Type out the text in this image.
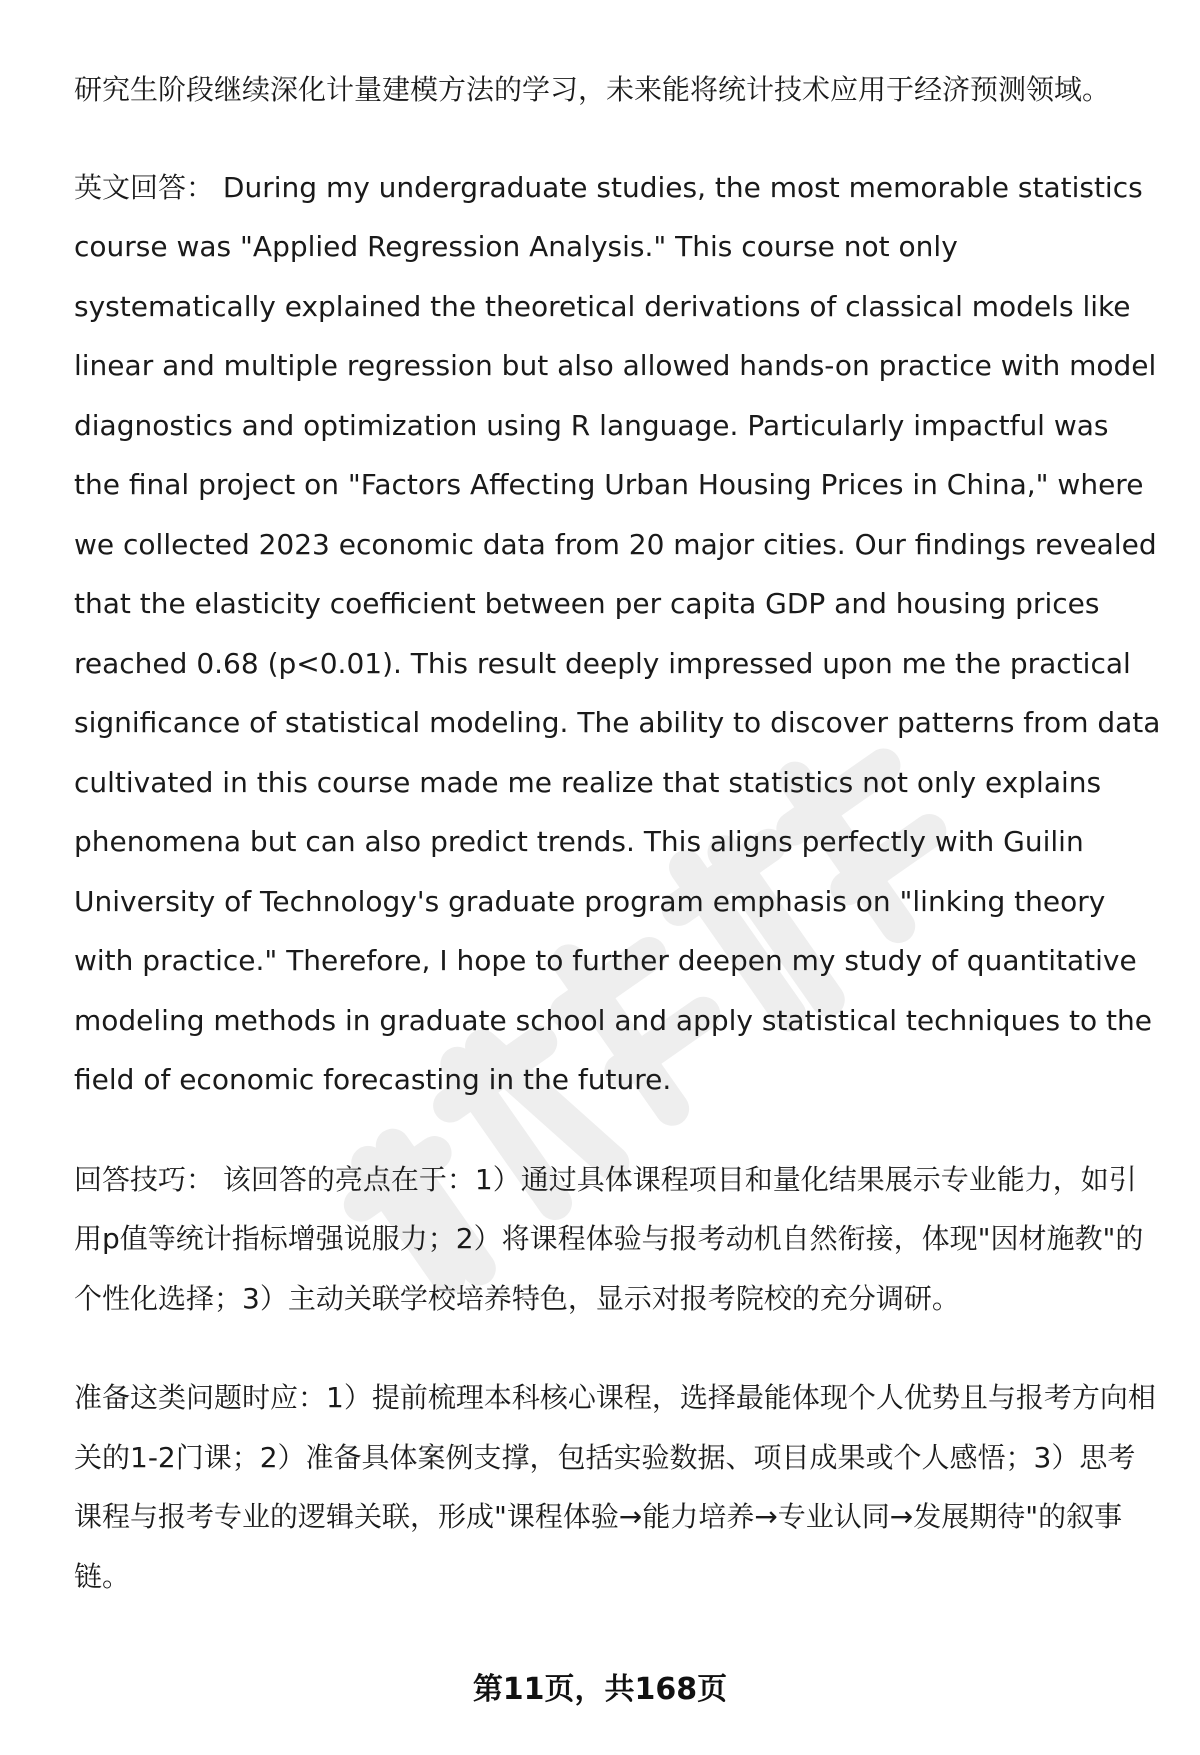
研究生阶段继续深化计量建模方法的学习，未来能将统计技术应用于经济预测领域。

英文回答： During my undergraduate studies, the most memorable statistics course was "Applied Regression Analysis." This course not only systematically explained the theoretical derivations of classical models like linear and multiple regression but also allowed hands-on practice with model diagnostics and optimization using R language. Particularly impactful was the final project on "Factors Affecting Urban Housing Prices in China," where we collected 2023 economic data from 20 major cities. Our findings revealed that the elasticity coefficient between per capita GDP and housing prices reached 0.68 (p<0.01). This result deeply impressed upon me the practical significance of statistical modeling. The ability to discover patterns from data cultivated in this course made me realize that statistics not only explains phenomena but can also predict trends. This aligns perfectly with Guilin University of Technology's graduate program emphasis on "linking theory with practice." Therefore, I hope to further deepen my study of quantitative modeling methods in graduate school and apply statistical techniques to the field of economic forecasting in the future.

回答技巧： 该回答的亮点在于：1）通过具体课程项目和量化结果展示专业能力，如引用p值等统计指标增强说服力；2）将课程体验与报考动机自然衔接，体现"因材施教"的个性化选择；3）主动关联学校培养特色，显示对报考院校的充分调研。

准备这类问题时应：1）提前梳理本科核心课程，选择最能体现个人优势且与报考方向相关的1-2门课；2）准备具体案例支撑，包括实验数据、项目成果或个人感悟；3）思考课程与报考专业的逻辑关联，形成"课程体验→能力培养→专业认同→发展期待"的叙事链。

第11页，共168页
